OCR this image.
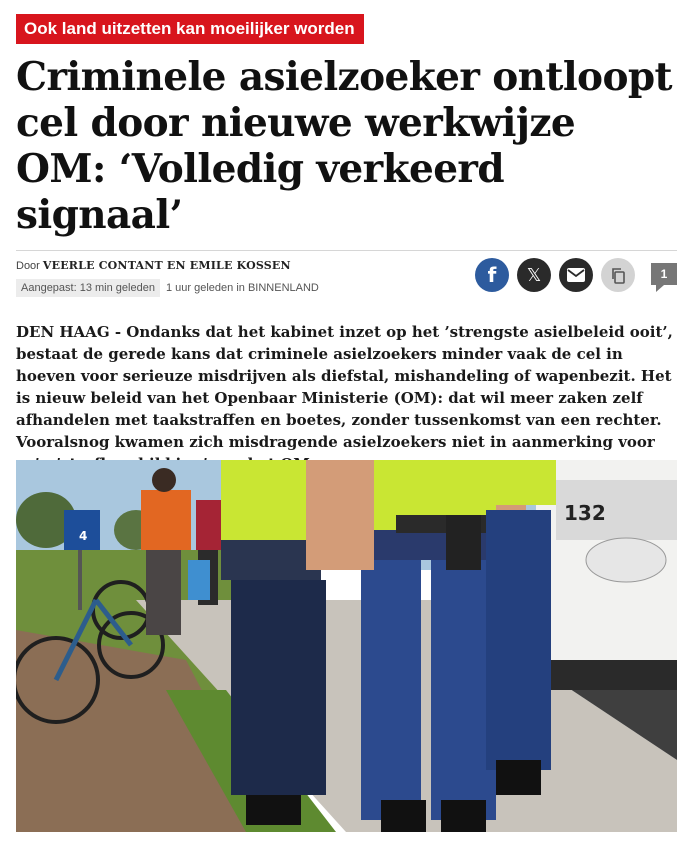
Ook land uitzetten kan moeilijker worden
Criminele asielzoeker ontloopt cel door nieuwe werkwijze OM: ‘Volledig verkeerd signaal’
Door VEERLE CONTANT EN EMILE KOSSEN
Aangepast: 13 min geleden 1 uur geleden in BINNENLAND
f 𝕏	1

DEN HAAG - Ondanks dat het kabinet inzet op het ’strengste asielbeleid ooit’, bestaat de gerede kans dat criminele asielzoekers minder vaak de cel in hoeven voor serieuze misdrijven als diefstal, mishandeling of wapenbezit. Het is nieuw beleid van het Openbaar Ministerie (OM): dat wil meer zaken zelf afhandelen met taakstraffen en boetes, zonder tussenkomst van een rechter. Vooralsnog kwamen zich misdragende asielzoekers niet in aanmerking voor

132
4
